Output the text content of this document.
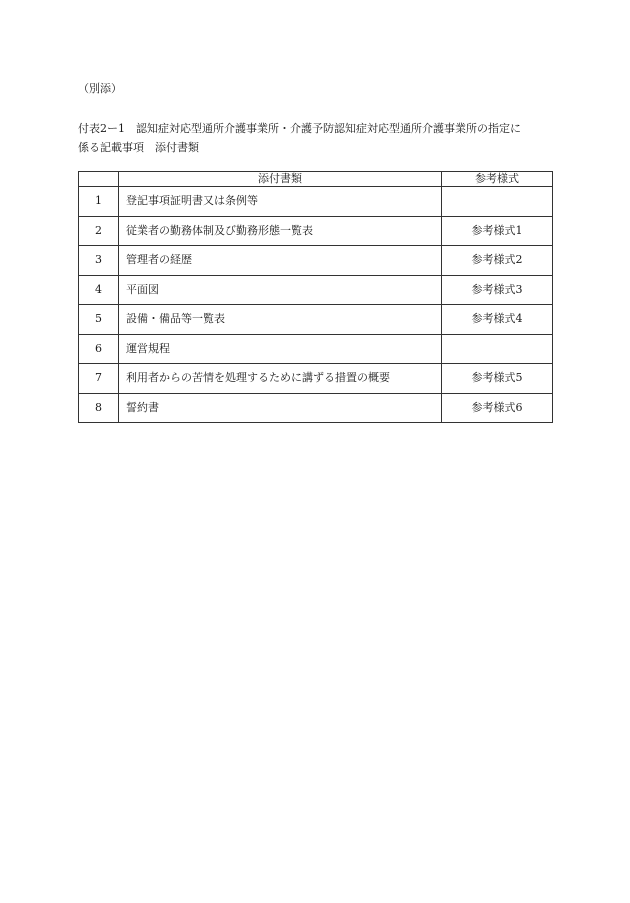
（別添）
付表2ー1　認知症対応型通所介護事業所・介護予防認知症対応型通所介護事業所の指定に
係る記載事項　添付書類
	添付書類	参考様式
1	登記事項証明書又は条例等	
2	従業者の勤務体制及び勤務形態一覧表	参考様式1
3	管理者の経歴	参考様式2
4	平面図	参考様式3
5	設備・備品等一覧表	参考様式4
6	運営規程	
7	利用者からの苦情を処理するために講ずる措置の概要	参考様式5
8	誓約書	参考様式6
